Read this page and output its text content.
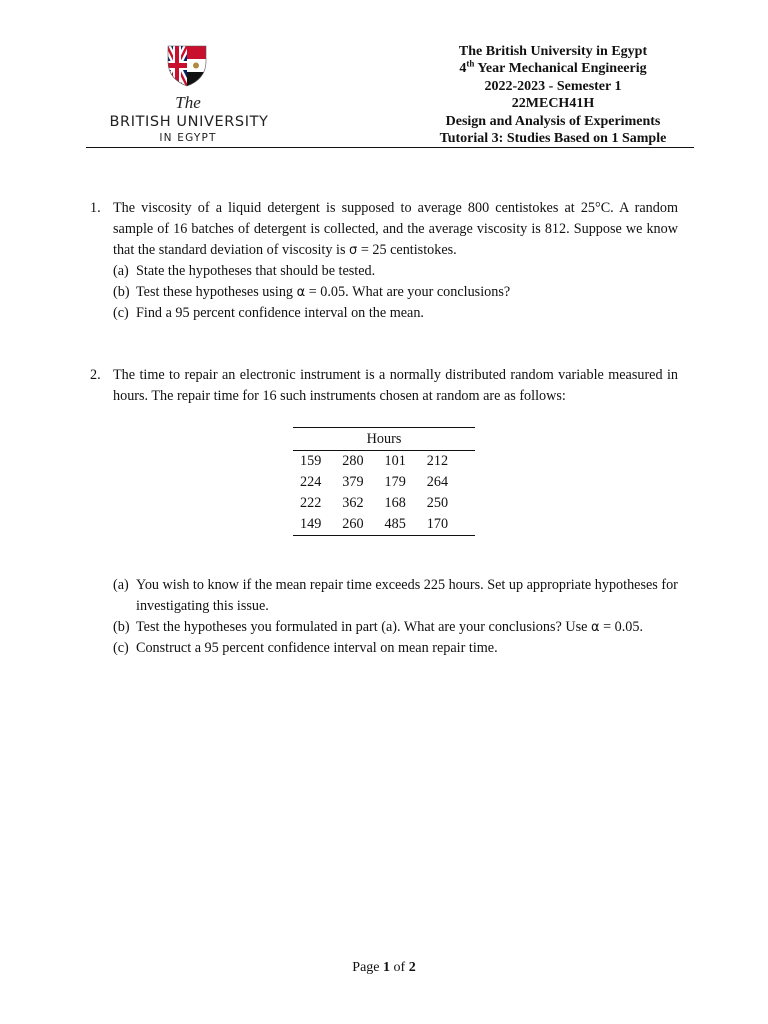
The
BRITISH UNIVERSITY
IN EGYPT
The British University in Egypt
4th Year Mechanical Engineerig
2022-2023 - Semester 1
22MECH41H
Design and Analysis of Experiments
Tutorial 3: Studies Based on 1 Sample
1. The viscosity of a liquid detergent is supposed to average 800 centistokes at 25°C. A random sample of 16 batches of detergent is collected, and the average viscosity is 812. Suppose we know that the standard deviation of viscosity is σ = 25 centistokes.
(a) State the hypotheses that should be tested.
(b) Test these hypotheses using α = 0.05. What are your conclusions?
(c) Find a 95 percent confidence interval on the mean.
2. The time to repair an electronic instrument is a normally distributed random variable measured in hours. The repair time for 16 such instruments chosen at random are as follows:
Hours
159	280	101	212
224	379	179	264
222	362	168	250
149	260	485	170
(a) You wish to know if the mean repair time exceeds 225 hours. Set up appropriate hypotheses for investigating this issue.
(b) Test the hypotheses you formulated in part (a). What are your conclusions? Use α = 0.05.
(c) Construct a 95 percent confidence interval on mean repair time.
Page 1 of 2
